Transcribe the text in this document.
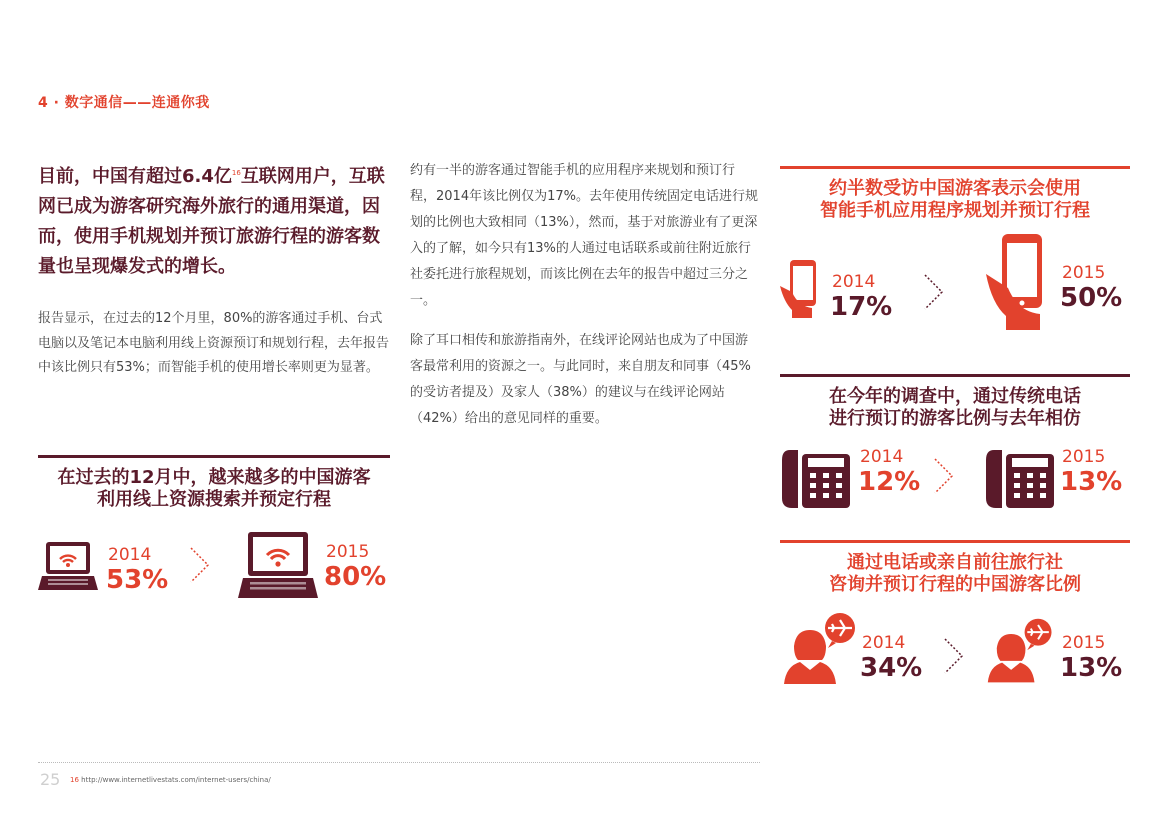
4 · 数字通信——连通你我

目前，中国有超过6.4亿$^{16}$互联网用户，互联网已成为游客研究海外旅行的通用渠道，因而，使用手机规划并预订旅游行程的游客数量也呈现爆发式的增长。

报告显示，在过去的12个月里，80%的游客通过手机、台式电脑以及笔记本电脑利用线上资源预订和规划行程，去年报告中该比例只有53%；而智能手机的使用增长率则更为显著。

在过去的12月中，越来越多的中国游客
利用线上资源搜索并预定行程
2014
53%
2015
80%

约有一半的游客通过智能手机的应用程序来规划和预订行程，2014年该比例仅为17%。去年使用传统固定电话进行规划的比例也大致相同（13%），然而，基于对旅游业有了更深入的了解，如今只有13%的人通过电话联系或前往附近旅行社委托进行旅程规划，而该比例在去年的报告中超过三分之一。

除了耳口相传和旅游指南外，在线评论网站也成为了中国游客最常利用的资源之一。与此同时，来自朋友和同事（45%的受访者提及）及家人（38%）的建议与在线评论网站（42%）给出的意见同样的重要。

约半数受访中国游客表示会使用
智能手机应用程序规划并预订行程
2014
17%
2015
50%
在今年的调查中，通过传统电话
进行预订的游客比例与去年相仿
2014
12%
2015
13%
通过电话或亲自前往旅行社
咨询并预订行程的中国游客比例
2014
34%
2015
13%
25 16 http://www.internetlivestats.com/internet-users/china/
